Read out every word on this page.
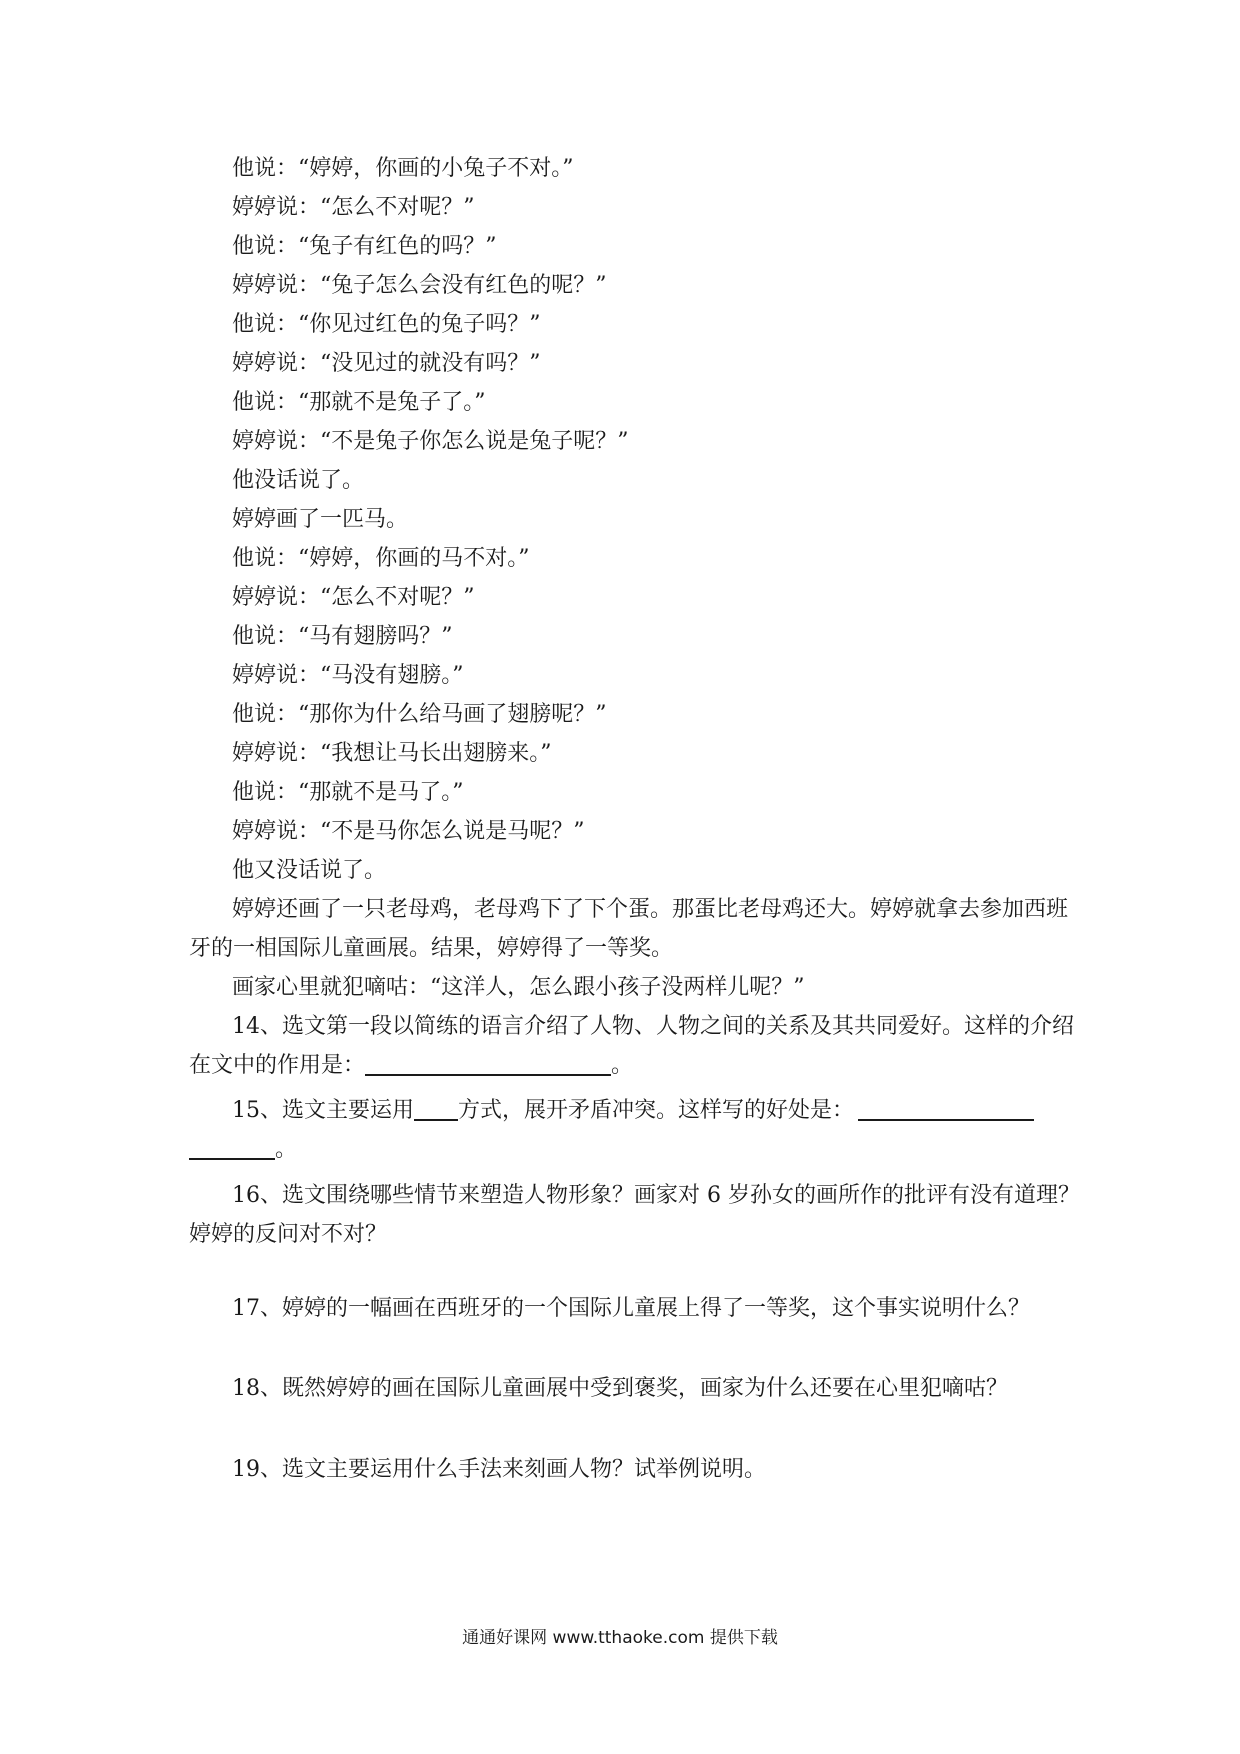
他说：“婷婷，你画的小兔子不对。”
婷婷说：“怎么不对呢？”
他说：“兔子有红色的吗？”
婷婷说：“兔子怎么会没有红色的呢？”
他说：“你见过红色的兔子吗？”
婷婷说：“没见过的就没有吗？”
他说：“那就不是兔子了。”
婷婷说：“不是兔子你怎么说是兔子呢？”
他没话说了。
婷婷画了一匹马。
他说：“婷婷，你画的马不对。”
婷婷说：“怎么不对呢？”
他说：“马有翅膀吗？”
婷婷说：“马没有翅膀。”
他说：“那你为什么给马画了翅膀呢？”
婷婷说：“我想让马长出翅膀来。”
他说：“那就不是马了。”
婷婷说：“不是马你怎么说是马呢？”
他又没话说了。
婷婷还画了一只老母鸡，老母鸡下了下个蛋。那蛋比老母鸡还大。婷婷就拿去参加西班
牙的一相国际儿童画展。结果，婷婷得了一等奖。
画家心里就犯嘀咕：“这洋人，怎么跟小孩子没两样儿呢？”
14、选文第一段以简练的语言介绍了人物、人物之间的关系及其共同爱好。这样的介绍
在文中的作用是：	。
15、选文主要运用 方式，展开矛盾冲突。这样写的好处是：
。
16、选文围绕哪些情节来塑造人物形象？画家对 6 岁孙女的画所作的批评有没有道理？
婷婷的反问对不对？
17、婷婷的一幅画在西班牙的一个国际儿童展上得了一等奖，这个事实说明什么？
18、既然婷婷的画在国际儿童画展中受到褒奖，画家为什么还要在心里犯嘀咕？
19、选文主要运用什么手法来刻画人物？试举例说明。
通通好课网 www.tthaoke.com 提供下载
